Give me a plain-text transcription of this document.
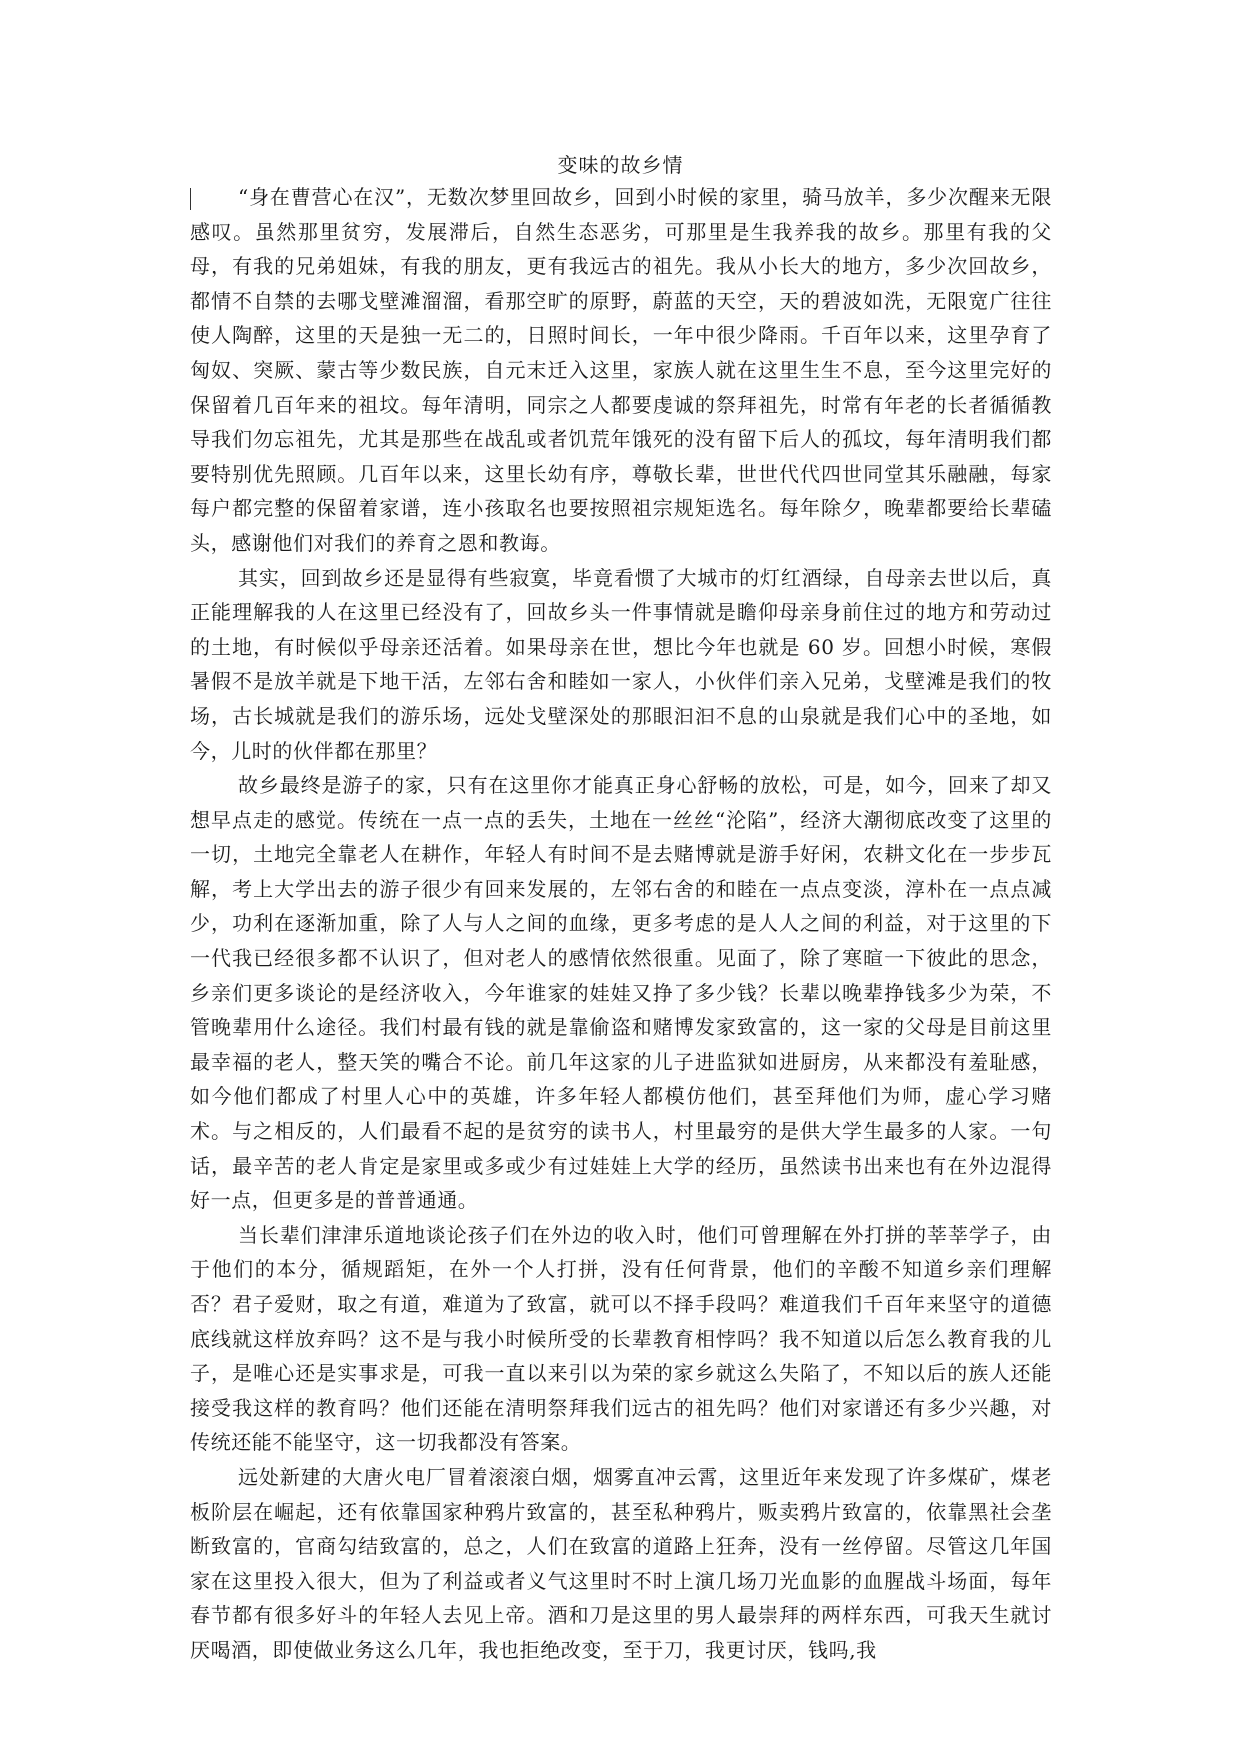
变味的故乡情

“身在曹营心在汉”，无数次梦里回故乡，回到小时候的家里，骑马放羊，多少次醒来无限感叹。虽然那里贫穷，发展滞后，自然生态恶劣，可那里是生我养我的故乡。那里有我的父母，有我的兄弟姐妹，有我的朋友，更有我远古的祖先。我从小长大的地方，多少次回故乡，都情不自禁的去哪戈壁滩溜溜，看那空旷的原野，蔚蓝的天空，天的碧波如洗，无限宽广往往使人陶醉，这里的天是独一无二的，日照时间长，一年中很少降雨。千百年以来，这里孕育了匈奴、突厥、蒙古等少数民族，自元末迁入这里，家族人就在这里生生不息，至今这里完好的保留着几百年来的祖坟。每年清明，同宗之人都要虔诚的祭拜祖先，时常有年老的长者循循教导我们勿忘祖先，尤其是那些在战乱或者饥荒年饿死的没有留下后人的孤坟，每年清明我们都要特别优先照顾。几百年以来，这里长幼有序，尊敬长辈，世世代代四世同堂其乐融融，每家每户都完整的保留着家谱，连小孩取名也要按照祖宗规矩选名。每年除夕，晚辈都要给长辈磕头，感谢他们对我们的养育之恩和教诲。

其实，回到故乡还是显得有些寂寞，毕竟看惯了大城市的灯红酒绿，自母亲去世以后，真正能理解我的人在这里已经没有了，回故乡头一件事情就是瞻仰母亲身前住过的地方和劳动过的土地，有时候似乎母亲还活着。如果母亲在世，想比今年也就是 60 岁。回想小时候，寒假暑假不是放羊就是下地干活，左邻右舍和睦如一家人，小伙伴们亲入兄弟，戈壁滩是我们的牧场，古长城就是我们的游乐场，远处戈壁深处的那眼汩汩不息的山泉就是我们心中的圣地，如今，儿时的伙伴都在那里？

故乡最终是游子的家，只有在这里你才能真正身心舒畅的放松，可是，如今，回来了却又想早点走的感觉。传统在一点一点的丢失，土地在一丝丝“沦陷”，经济大潮彻底改变了这里的一切，土地完全靠老人在耕作，年轻人有时间不是去赌博就是游手好闲，农耕文化在一步步瓦解，考上大学出去的游子很少有回来发展的，左邻右舍的和睦在一点点变淡，淳朴在一点点减少，功利在逐渐加重，除了人与人之间的血缘，更多考虑的是人人之间的利益，对于这里的下一代我已经很多都不认识了，但对老人的感情依然很重。见面了，除了寒暄一下彼此的思念，乡亲们更多谈论的是经济收入，今年谁家的娃娃又挣了多少钱？长辈以晚辈挣钱多少为荣，不管晚辈用什么途径。我们村最有钱的就是靠偷盗和赌博发家致富的，这一家的父母是目前这里最幸福的老人，整天笑的嘴合不论。前几年这家的儿子进监狱如进厨房，从来都没有羞耻感，如今他们都成了村里人心中的英雄，许多年轻人都模仿他们，甚至拜他们为师，虚心学习赌术。与之相反的，人们最看不起的是贫穷的读书人，村里最穷的是供大学生最多的人家。一句话，最辛苦的老人肯定是家里或多或少有过娃娃上大学的经历，虽然读书出来也有在外边混得好一点，但更多是的普普通通。

当长辈们津津乐道地谈论孩子们在外边的收入时，他们可曾理解在外打拼的莘莘学子，由于他们的本分，循规蹈矩，在外一个人打拼，没有任何背景，他们的辛酸不知道乡亲们理解否？君子爱财，取之有道，难道为了致富，就可以不择手段吗？难道我们千百年来坚守的道德底线就这样放弃吗？这不是与我小时候所受的长辈教育相悖吗？我不知道以后怎么教育我的儿子，是唯心还是实事求是，可我一直以来引以为荣的家乡就这么失陷了，不知以后的族人还能接受我这样的教育吗？他们还能在清明祭拜我们远古的祖先吗？他们对家谱还有多少兴趣，对传统还能不能坚守，这一切我都没有答案。

远处新建的大唐火电厂冒着滚滚白烟，烟雾直冲云霄，这里近年来发现了许多煤矿，煤老板阶层在崛起，还有依靠国家种鸦片致富的，甚至私种鸦片，贩卖鸦片致富的，依靠黑社会垄断致富的，官商勾结致富的，总之，人们在致富的道路上狂奔，没有一丝停留。尽管这几年国家在这里投入很大，但为了利益或者义气这里时不时上演几场刀光血影的血腥战斗场面，每年春节都有很多好斗的年轻人去见上帝。酒和刀是这里的男人最崇拜的两样东西，可我天生就讨厌喝酒，即使做业务这么几年，我也拒绝改变，至于刀，我更讨厌，钱吗,我
